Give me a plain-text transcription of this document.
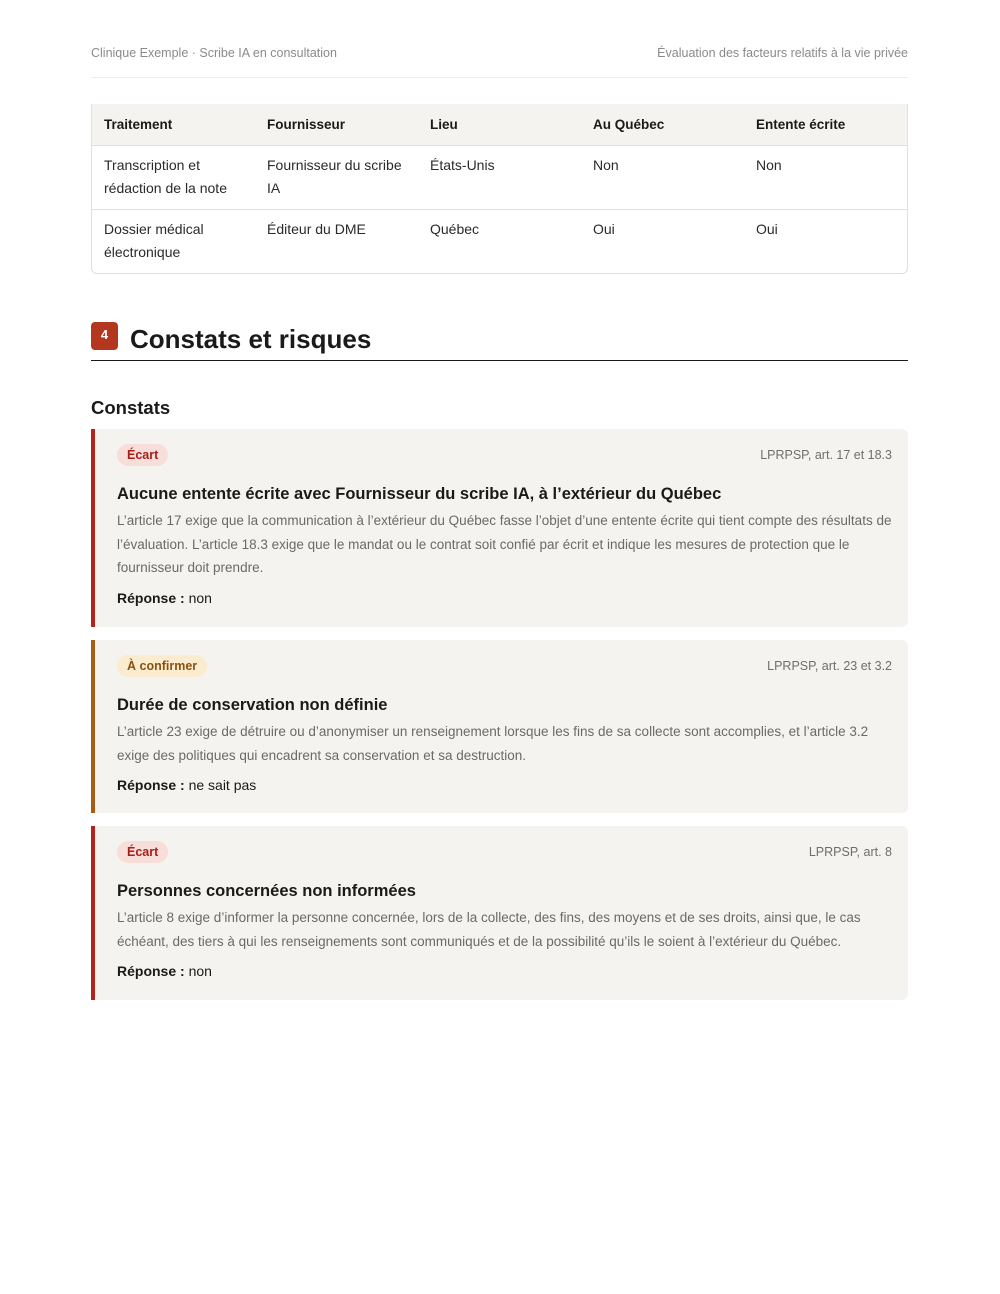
Clinique Exemple · Scribe IA en consultation	Évaluation des facteurs relatifs à la vie privée
Traitement	Fournisseur	Lieu	Au Québec	Entente écrite
Transcription et rédaction de la note	Fournisseur du scribe IA	États-Unis	Non	Non
Dossier médical électronique	Éditeur du DME	Québec	Oui	Oui
4 Constats et risques
Constats
Écart	LPRPSP, art. 17 et 18.3
Aucune entente écrite avec Fournisseur du scribe IA, à l’extérieur du Québec
L’article 17 exige que la communication à l’extérieur du Québec fasse l’objet d’une entente écrite qui tient compte des résultats de l’évaluation. L’article 18.3 exige que le mandat ou le contrat soit confié par écrit et indique les mesures de protection que le fournisseur doit prendre.
Réponse : non
À confirmer	LPRPSP, art. 23 et 3.2
Durée de conservation non définie
L’article 23 exige de détruire ou d’anonymiser un renseignement lorsque les fins de sa collecte sont accomplies, et l’article 3.2 exige des politiques qui encadrent sa conservation et sa destruction.
Réponse : ne sait pas
Écart	LPRPSP, art. 8
Personnes concernées non informées
L’article 8 exige d’informer la personne concernée, lors de la collecte, des fins, des moyens et de ses droits, ainsi que, le cas échéant, des tiers à qui les renseignements sont communiqués et de la possibilité qu’ils le soient à l’extérieur du Québec.
Réponse : non
